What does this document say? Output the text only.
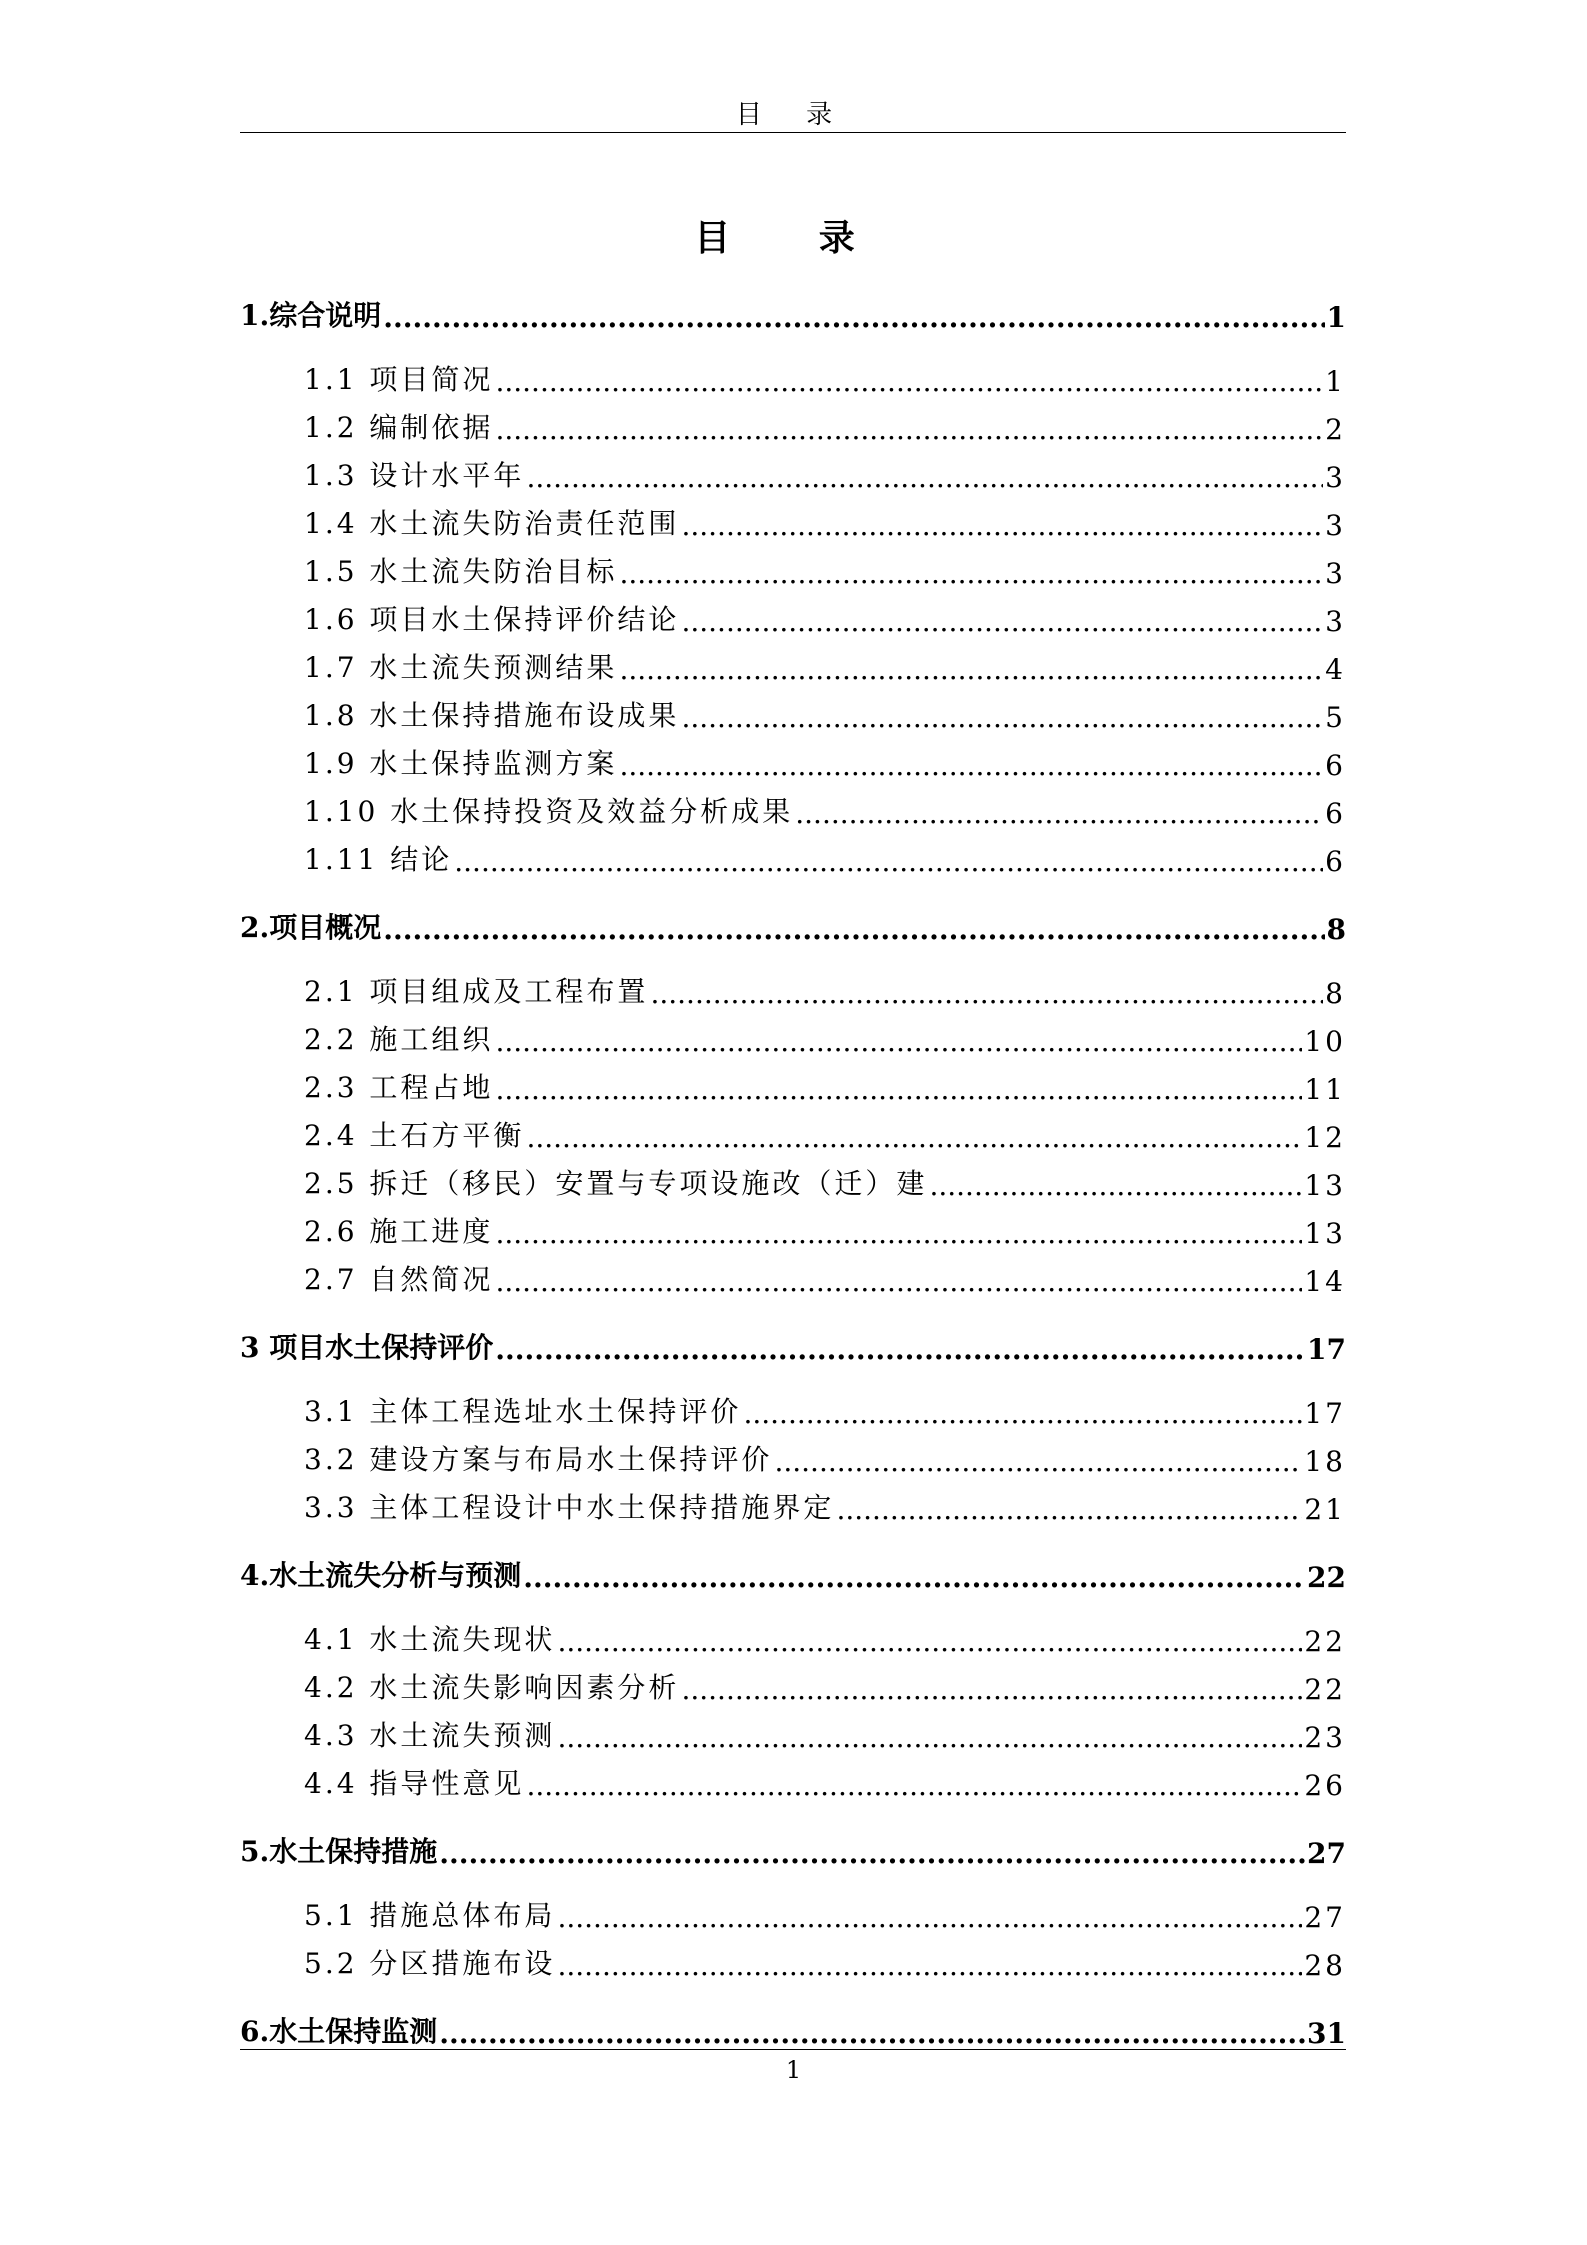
目 录
目 录
1.综合说明 .....	1
1.1 项目简况 .....	1
1.2 编制依据 .....	2
1.3 设计水平年 .....	3
1.4 水土流失防治责任范围 .....	3
1.5 水土流失防治目标 .....	3
1.6 项目水土保持评价结论 .....	3
1.7 水土流失预测结果 .....	4
1.8 水土保持措施布设成果 .....	5
1.9 水土保持监测方案 .....	6
1.10 水土保持投资及效益分析成果 .....	6
1.11 结论 .....	6
2.项目概况 .....	8
2.1 项目组成及工程布置 .....	8
2.2 施工组织 .....	10
2.3 工程占地 .....	11
2.4 土石方平衡 .....	12
2.5 拆迁（移民）安置与专项设施改（迁）建 .....	13
2.6 施工进度 .....	13
2.7 自然简况 .....	14
3 项目水土保持评价 .....	17
3.1 主体工程选址水土保持评价 .....	17
3.2 建设方案与布局水土保持评价 .....	18
3.3 主体工程设计中水土保持措施界定 .....	21
4.水土流失分析与预测 .....	22
4.1 水土流失现状 .....	22
4.2 水土流失影响因素分析 .....	22
4.3 水土流失预测 .....	23
4.4 指导性意见 .....	26
5.水土保持措施 .....	27
5.1 措施总体布局 .....	27
5.2 分区措施布设 .....	28
6.水土保持监测 .....	31
1
